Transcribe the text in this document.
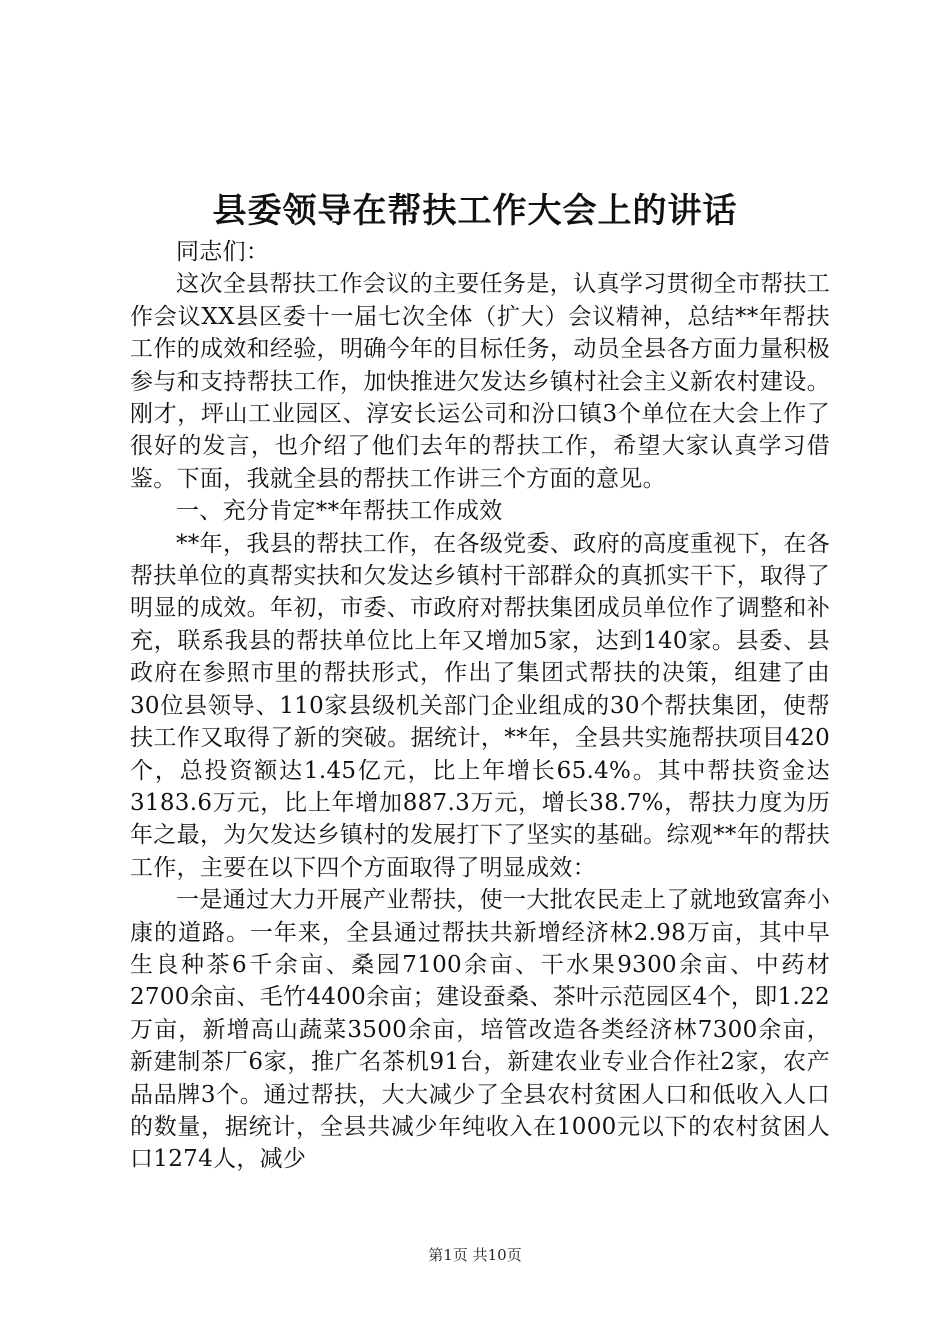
县委领导在帮扶工作大会上的讲话

同志们：

这次全县帮扶工作会议的主要任务是，认真学习贯彻全市帮扶工作会议XX县区委十一届七次全体（扩大）会议精神，总结**年帮扶工作的成效和经验，明确今年的目标任务，动员全县各方面力量积极参与和支持帮扶工作，加快推进欠发达乡镇村社会主义新农村建设。刚才，坪山工业园区、淳安长运公司和汾口镇3个单位在大会上作了很好的发言，也介绍了他们去年的帮扶工作，希望大家认真学习借鉴。下面，我就全县的帮扶工作讲三个方面的意见。

一、充分肯定**年帮扶工作成效

**年，我县的帮扶工作，在各级党委、政府的高度重视下，在各帮扶单位的真帮实扶和欠发达乡镇村干部群众的真抓实干下，取得了明显的成效。年初，市委、市政府对帮扶集团成员单位作了调整和补充，联系我县的帮扶单位比上年又增加5家，达到140家。县委、县政府在参照市里的帮扶形式，作出了集团式帮扶的决策，组建了由30位县领导、110家县级机关部门企业组成的30个帮扶集团，使帮扶工作又取得了新的突破。据统计，**年，全县共实施帮扶项目420个，总投资额达1.45亿元，比上年增长65.4%。其中帮扶资金达3183.6万元，比上年增加887.3万元，增长38.7%，帮扶力度为历年之最，为欠发达乡镇村的发展打下了坚实的基础。综观**年的帮扶工作，主要在以下四个方面取得了明显成效：

一是通过大力开展产业帮扶，使一大批农民走上了就地致富奔小康的道路。一年来，全县通过帮扶共新增经济林2.98万亩，其中早生良种茶6千余亩、桑园7100余亩、干水果9300余亩、中药材2700余亩、毛竹4400余亩；建设蚕桑、茶叶示范园区4个，即1.22万亩，新增高山蔬菜3500余亩，培管改造各类经济林7300余亩，新建制茶厂6家，推广名茶机91台，新建农业专业合作社2家，农产品品牌3个。通过帮扶，大大减少了全县农村贫困人口和低收入人口的数量，据统计，全县共减少年纯收入在1000元以下的农村贫困人口1274人，减少

第1页 共10页
